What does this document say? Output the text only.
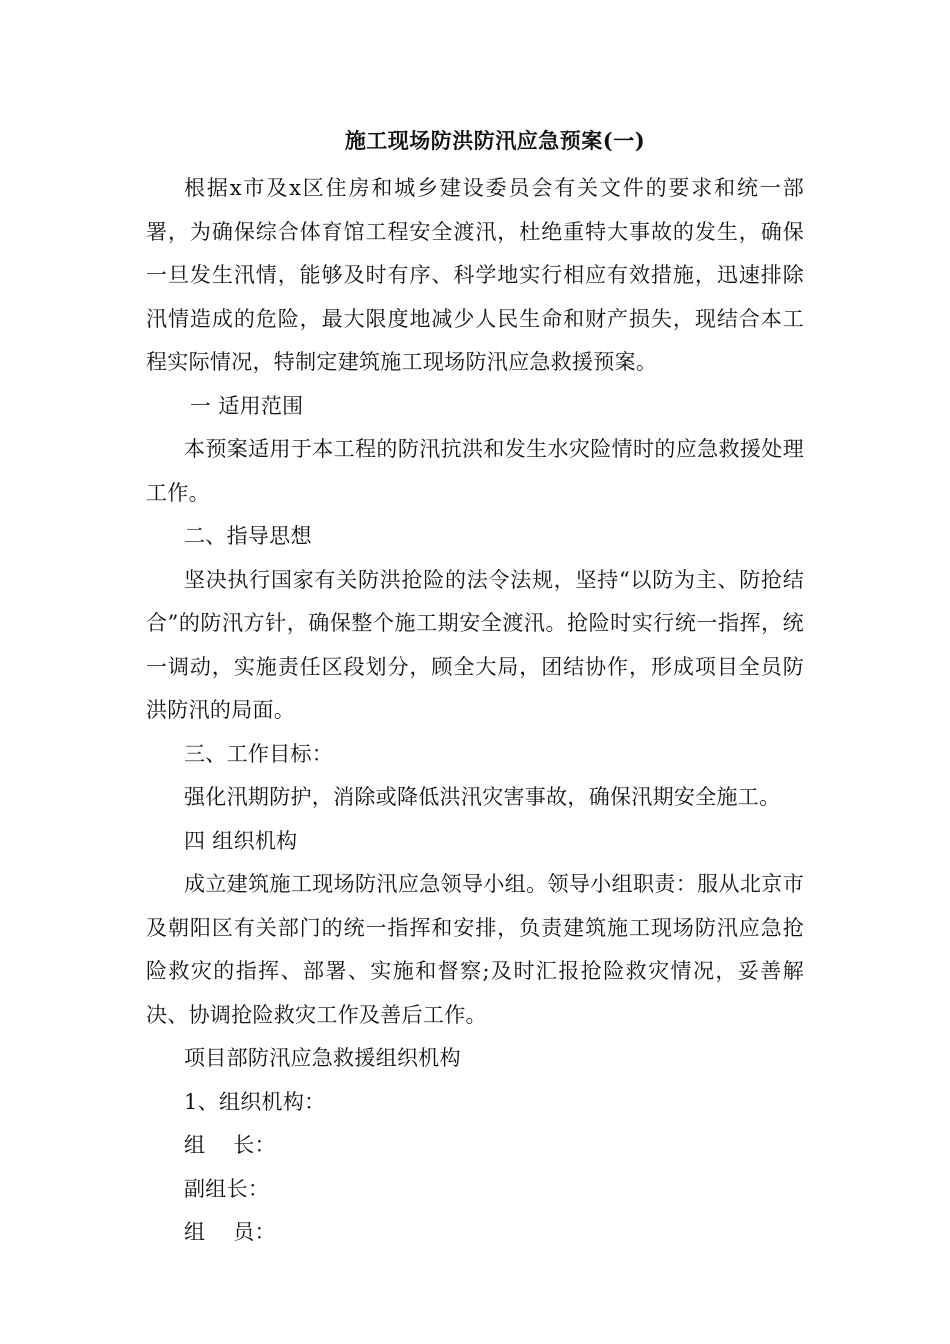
施工现场防洪防汛应急预案(一)

根据x市及x区住房和城乡建设委员会有关文件的要求和统一部署，为确保综合体育馆工程安全渡汛，杜绝重特大事故的发生，确保一旦发生汛情，能够及时有序、科学地实行相应有效措施，迅速排除汛情造成的危险，最大限度地减少人民生命和财产损失，现结合本工程实际情况，特制定建筑施工现场防汛应急救援预案。

一 适用范围

本预案适用于本工程的防汛抗洪和发生水灾险情时的应急救援处理工作。

二、指导思想

坚决执行国家有关防洪抢险的法令法规，坚持“以防为主、防抢结合”的防汛方针，确保整个施工期安全渡汛。抢险时实行统一指挥，统一调动，实施责任区段划分，顾全大局，团结协作，形成项目全员防洪防汛的局面。

三、工作目标：

强化汛期防护，消除或降低洪汛灾害事故，确保汛期安全施工。

四 组织机构

成立建筑施工现场防汛应急领导小组。领导小组职责：服从北京市及朝阳区有关部门的统一指挥和安排，负责建筑施工现场防汛应急抢险救灾的指挥、部署、实施和督察;及时汇报抢险救灾情况，妥善解决、协调抢险救灾工作及善后工作。

项目部防汛应急救援组织机构

1、组织机构：

组    长：

副组长：

组    员：
